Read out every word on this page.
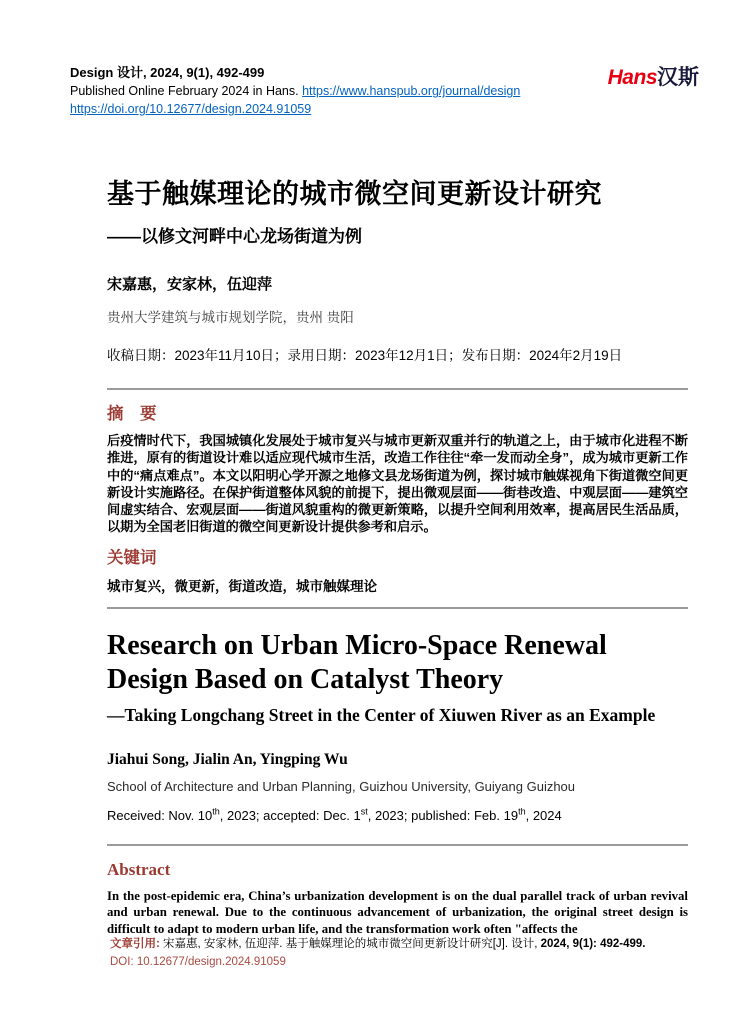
Design 设计, 2024, 9(1), 492-499
Published Online February 2024 in Hans. https://www.hanspub.org/journal/design
https://doi.org/10.12677/design.2024.91059
Hans汉斯
基于触媒理论的城市微空间更新设计研究
——以修文河畔中心龙场街道为例
宋嘉惠，安家林，伍迎萍
贵州大学建筑与城市规划学院，贵州 贵阳
收稿日期：2023年11月10日；录用日期：2023年12月1日；发布日期：2024年2月19日
摘　要
后疫情时代下，我国城镇化发展处于城市复兴与城市更新双重并行的轨道之上，由于城市化进程不断推进，原有的街道设计难以适应现代城市生活，改造工作往往“牵一发而动全身”，成为城市更新工作中的“痛点难点”。本文以阳明心学开源之地修文县龙场街道为例，探讨城市触媒视角下街道微空间更新设计实施路径。在保护街道整体风貌的前提下，提出微观层面——街巷改造、中观层面——建筑空间虚实结合、宏观层面——街道风貌重构的微更新策略，以提升空间利用效率，提高居民生活品质，以期为全国老旧街道的微空间更新设计提供参考和启示。
关键词
城市复兴，微更新，街道改造，城市触媒理论
Research on Urban Micro-Space Renewal Design Based on Catalyst Theory
—Taking Longchang Street in the Center of Xiuwen River as an Example
Jiahui Song, Jialin An, Yingping Wu
School of Architecture and Urban Planning, Guizhou University, Guiyang Guizhou
Received: Nov. 10th, 2023; accepted: Dec. 1st, 2023; published: Feb. 19th, 2024
Abstract
In the post-epidemic era, China’s urbanization development is on the dual parallel track of urban revival and urban renewal. Due to the continuous advancement of urbanization, the original street design is difficult to adapt to modern urban life, and the transformation work often "affects the
文章引用: 宋嘉惠, 安家林, 伍迎萍. 基于触媒理论的城市微空间更新设计研究[J]. 设计, 2024, 9(1): 492-499.
DOI: 10.12677/design.2024.91059
